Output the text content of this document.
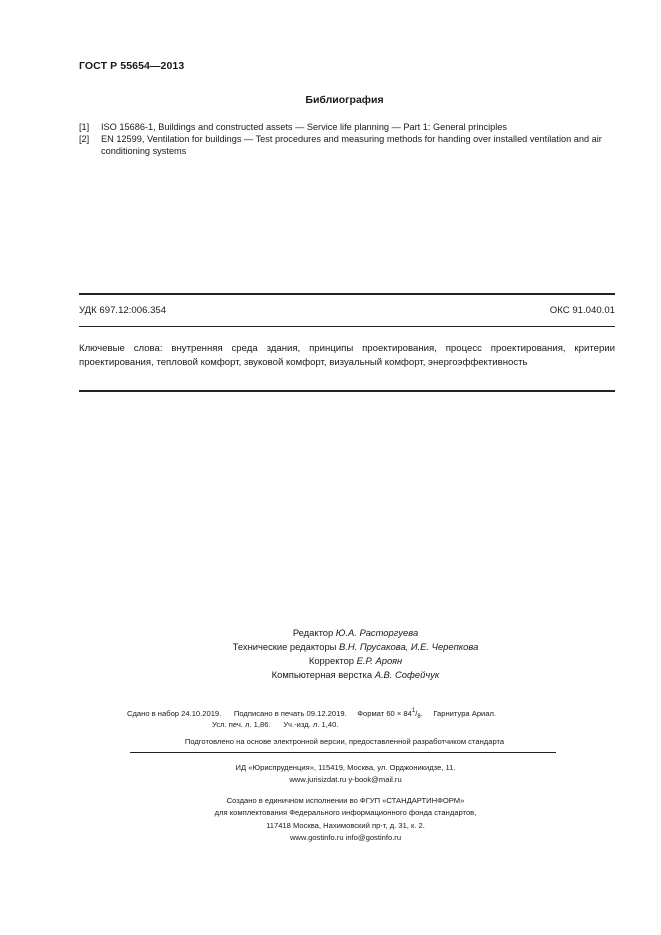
ГОСТ Р 55654—2013
Библиография
[1]	ISO 15686-1, Buildings and constructed assets — Service life planning — Part 1: General principles
[2]	EN 12599, Ventilation for buildings — Test procedures and measuring methods for handing over installed ventilation and air conditioning systems
УДК 697.12:006.354	ОКС 91.040.01
Ключевые слова: внутренняя среда здания, принципы проектирования, процесс проектирования, критерии проектирования, тепловой комфорт, звуковой комфорт, визуальный комфорт, энергоэффективность
Редактор Ю.А. Расторгуева
Технические редакторы В.Н. Прусакова, И.Е. Черепкова
Корректор Е.Р. Ароян
Компьютерная верстка А.В. Софейчук
Сдано в набор 24.10.2019. Подписано в печать 09.12.2019. Формат $60 \times 84^1/_8$.     Гарнитура Ариал.
Усл. печ. л. 1,86. Уч.-изд. л. 1,40.
Подготовлено на основе электронной версии, предоставленной разработчиком стандарта
ИД «Юриспруденция», 115419, Москва, ул. Орджоникидзе, 11.
www.jurisizdat.ru y-book@mail.ru
Создано в единичном исполнении во ФГУП «СТАНДАРТИНФОРМ»
для комплектования Федерального информационного фонда стандартов,
117418 Москва, Нахимовский пр-т, д. 31, к. 2.
www.gostinfo.ru info@gostinfo.ru
